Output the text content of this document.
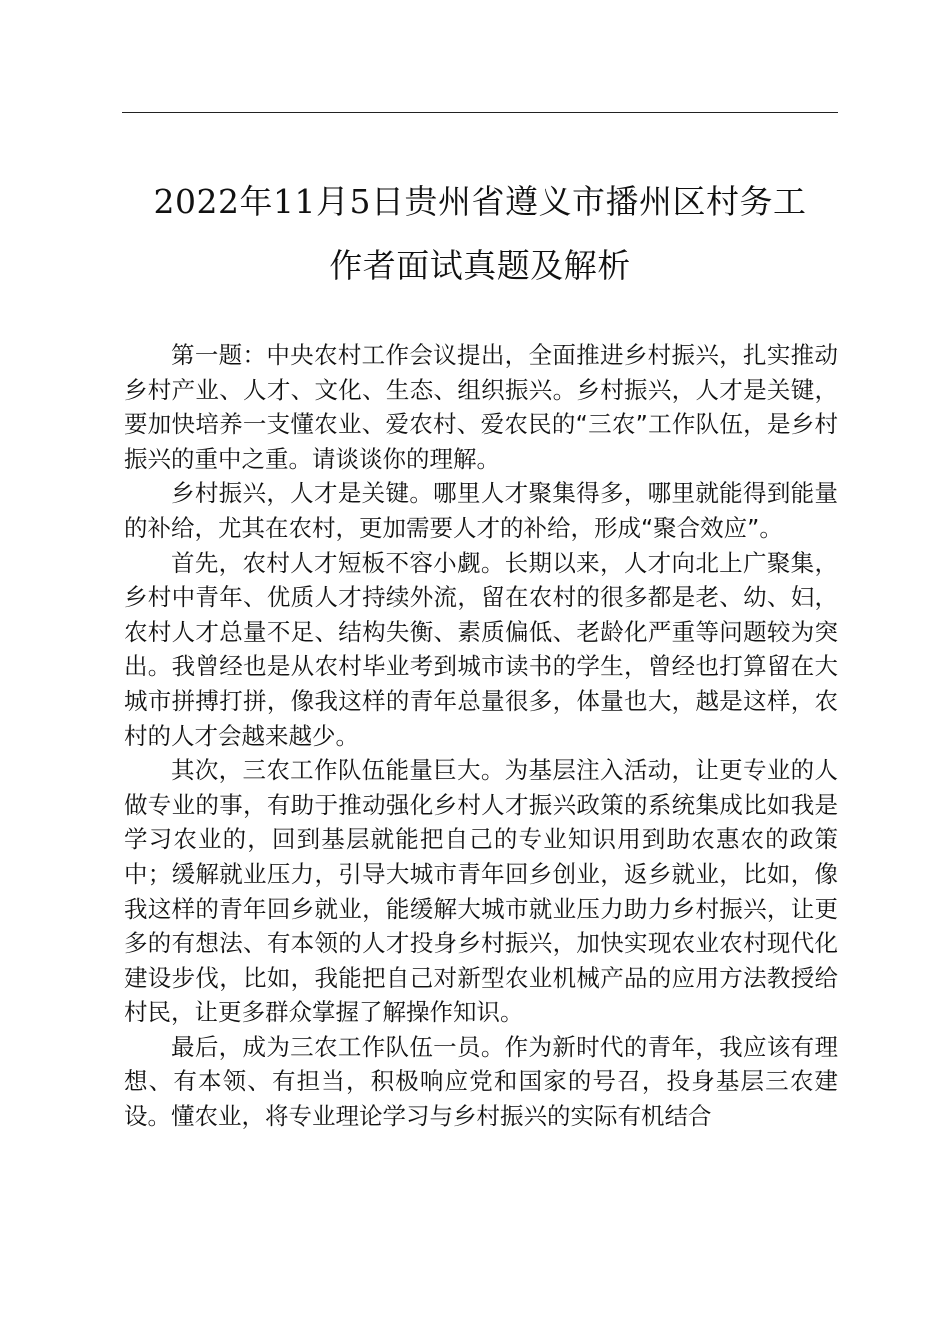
2022年11月5日贵州省遵义市播州区村务工
作者面试真题及解析

第一题：中央农村工作会议提出，全面推进乡村振兴，扎实推动乡村产业、人才、文化、生态、组织振兴。乡村振兴，人才是关键，要加快培养一支懂农业、爱农村、爱农民的“三农”工作队伍，是乡村振兴的重中之重。请谈谈你的理解。

乡村振兴，人才是关键。哪里人才聚集得多，哪里就能得到能量的补给，尤其在农村，更加需要人才的补给，形成“聚合效应”。

首先，农村人才短板不容小觑。长期以来，人才向北上广聚集，乡村中青年、优质人才持续外流，留在农村的很多都是老、幼、妇，农村人才总量不足、结构失衡、素质偏低、老龄化严重等问题较为突出。我曾经也是从农村毕业考到城市读书的学生，曾经也打算留在大城市拼搏打拼，像我这样的青年总量很多，体量也大，越是这样，农村的人才会越来越少。

其次，三农工作队伍能量巨大。为基层注入活动，让更专业的人做专业的事，有助于推动强化乡村人才振兴政策的系统集成比如我是学习农业的，回到基层就能把自己的专业知识用到助农惠农的政策中；缓解就业压力，引导大城市青年回乡创业，返乡就业，比如，像我这样的青年回乡就业，能缓解大城市就业压力助力乡村振兴，让更多的有想法、有本领的人才投身乡村振兴，加快实现农业农村现代化建设步伐，比如，我能把自己对新型农业机械产品的应用方法教授给村民，让更多群众掌握了解操作知识。

最后，成为三农工作队伍一员。作为新时代的青年，我应该有理想、有本领、有担当，积极响应党和国家的号召，投身基层三农建设。懂农业，将专业理论学习与乡村振兴的实际有机结合
